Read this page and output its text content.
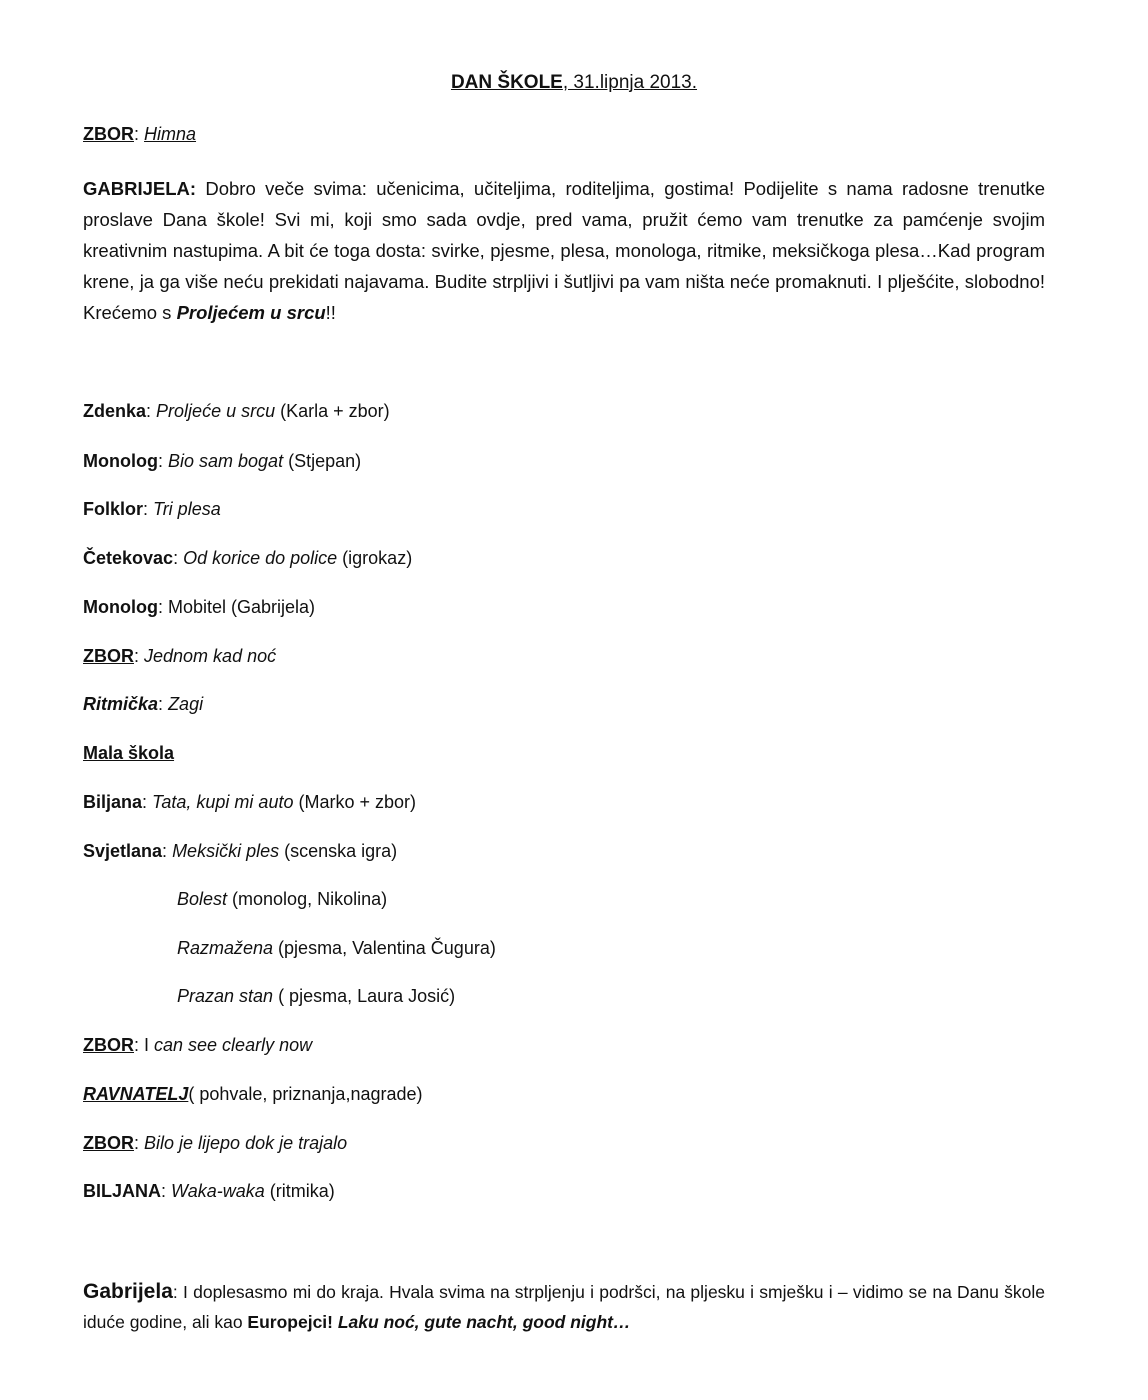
DAN ŠKOLE, 31.lipnja 2013.
ZBOR: Himna
GABRIJELA: Dobro veče svima: učenicima, učiteljima, roditeljima, gostima! Podijelite s nama radosne trenutke proslave Dana škole! Svi mi, koji smo sada ovdje, pred vama, pružit ćemo vam trenutke za pamćenje svojim kreativnim nastupima. A bit će toga dosta: svirke, pjesme, plesa, monologa, ritmike, meksičkoga plesa…Kad program krene, ja ga više neću prekidati najavama. Budite strpljivi i šutljivi pa vam ništa neće promaknuti. I plješćite, slobodno! Krećemo s Proljećem u srcu!!
Zdenka: Proljeće u srcu (Karla + zbor)
Monolog: Bio sam bogat (Stjepan)
Folklor: Tri plesa
Četekovac: Od korice do police (igrokaz)
Monolog: Mobitel (Gabrijela)
ZBOR: Jednom kad noć
Ritmička: Zagi
Mala škola
Biljana: Tata, kupi mi auto (Marko + zbor)
Svjetlana: Meksički ples (scenska igra)
Bolest (monolog, Nikolina)
Razmažena (pjesma, Valentina Čugura)
Prazan stan ( pjesma, Laura Josić)
ZBOR: I can see clearly now
RAVNATELJ( pohvale, priznanja,nagrade)
ZBOR: Bilo je lijepo dok je trajalo
BILJANA: Waka-waka (ritmika)
Gabrijela: I doplesasmo mi do kraja. Hvala svima na strpljenju i podršci, na pljesku i smješku i – vidimo se na Danu škole iduće godine, ali kao Europejci! Laku noć, gute nacht, good night…
